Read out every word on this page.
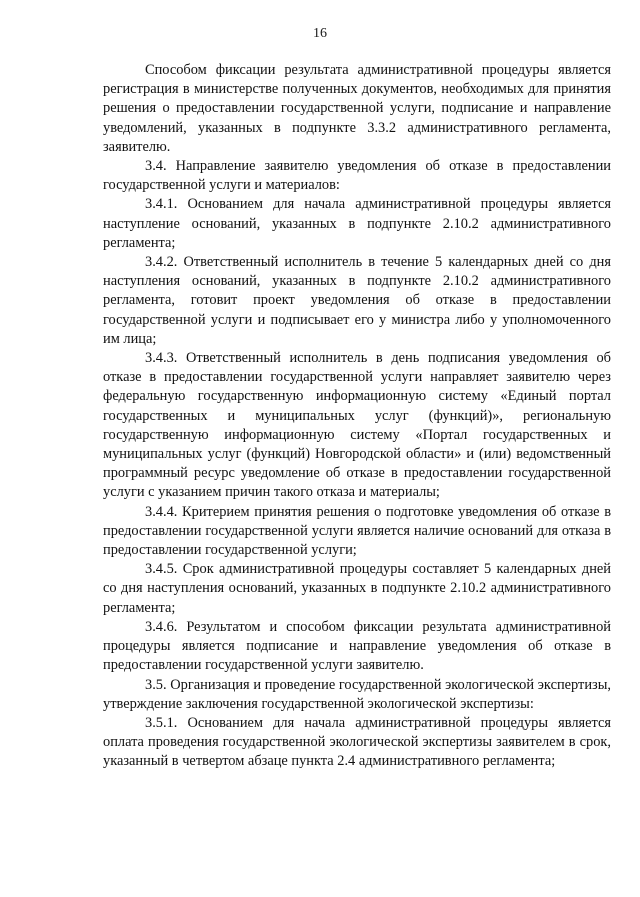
16

Способом фиксации результата административной процедуры является регистрация в министерстве полученных документов, необходимых для принятия решения о предоставлении государственной услуги, подписание и направление уведомлений, указанных в подпункте 3.3.2 административного регламента, заявителю.

3.4. Направление заявителю уведомления об отказе в предоставлении государственной услуги и материалов:

3.4.1. Основанием для начала административной процедуры является наступление оснований, указанных в подпункте 2.10.2 административного регламента;

3.4.2. Ответственный исполнитель в течение 5 календарных дней со дня наступления оснований, указанных в подпункте 2.10.2 административного регламента, готовит проект уведомления об отказе в предоставлении государственной услуги и подписывает его у министра либо у уполномоченного им лица;

3.4.3. Ответственный исполнитель в день подписания уведомления об отказе в предоставлении государственной услуги направляет заявителю через федеральную государственную информационную систему «Единый портал государственных и муниципальных услуг (функций)», региональную государственную информационную систему «Портал государственных и муниципальных услуг (функций) Новгородской области» и (или) ведомственный программный ресурс уведомление об отказе в предоставлении государственной услуги с указанием причин такого отказа и материалы;

3.4.4. Критерием принятия решения о подготовке уведомления об отказе в предоставлении государственной услуги является наличие оснований для отказа в предоставлении государственной услуги;

3.4.5. Срок административной процедуры составляет 5 календарных дней со дня наступления оснований, указанных в подпункте 2.10.2 административного регламента;

3.4.6. Результатом и способом фиксации результата административной процедуры является подписание и направление уведомления об отказе в предоставлении государственной услуги заявителю.

3.5. Организация и проведение государственной экологической экспертизы, утверждение заключения государственной экологической экспертизы:

3.5.1. Основанием для начала административной процедуры является оплата проведения государственной экологической экспертизы заявителем в срок, указанный в четвертом абзаце пункта 2.4 административного регламента;
